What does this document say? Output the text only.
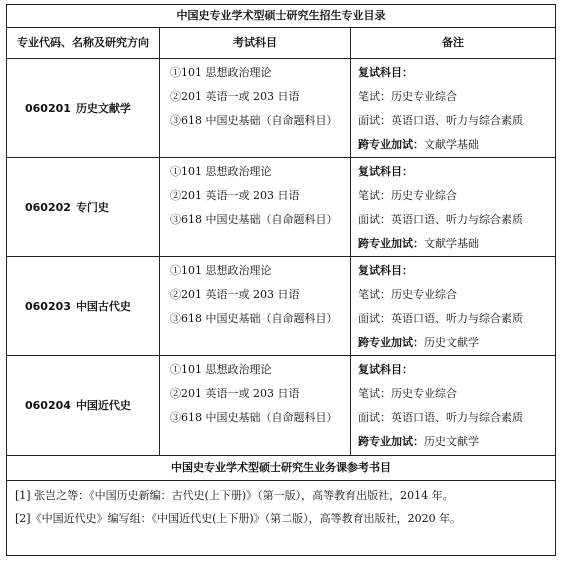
中国史专业学术型硕士研究生招生专业目录
专业代码、名称及研究方向	考试科目	备注
060201 历史文献学
①101 思想政治理论
②201 英语一或 203 日语
③618 中国史基础（自命题科目）
复试科目：
笔试：历史专业综合
面试：英语口语、听力与综合素质
跨专业加试：文献学基础
060202 专门史
①101 思想政治理论
②201 英语一或 203 日语
③618 中国史基础（自命题科目）
复试科目：
笔试：历史专业综合
面试：英语口语、听力与综合素质
跨专业加试：文献学基础
060203 中国古代史
①101 思想政治理论
②201 英语一或 203 日语
③618 中国史基础（自命题科目）
复试科目：
笔试：历史专业综合
面试：英语口语、听力与综合素质
跨专业加试：历史文献学
060204 中国近代史
①101 思想政治理论
②201 英语一或 203 日语
③618 中国史基础（自命题科目）
复试科目：
笔试：历史专业综合
面试：英语口语、听力与综合素质
跨专业加试：历史文献学
中国史专业学术型硕士研究生业务课参考书目
[1] 张岂之等：《中国历史新编：古代史(上下册)》（第一版），高等教育出版社，2014 年。
[2]《中国近代史》编写组：《中国近代史(上下册)》（第二版），高等教育出版社，2020 年。
